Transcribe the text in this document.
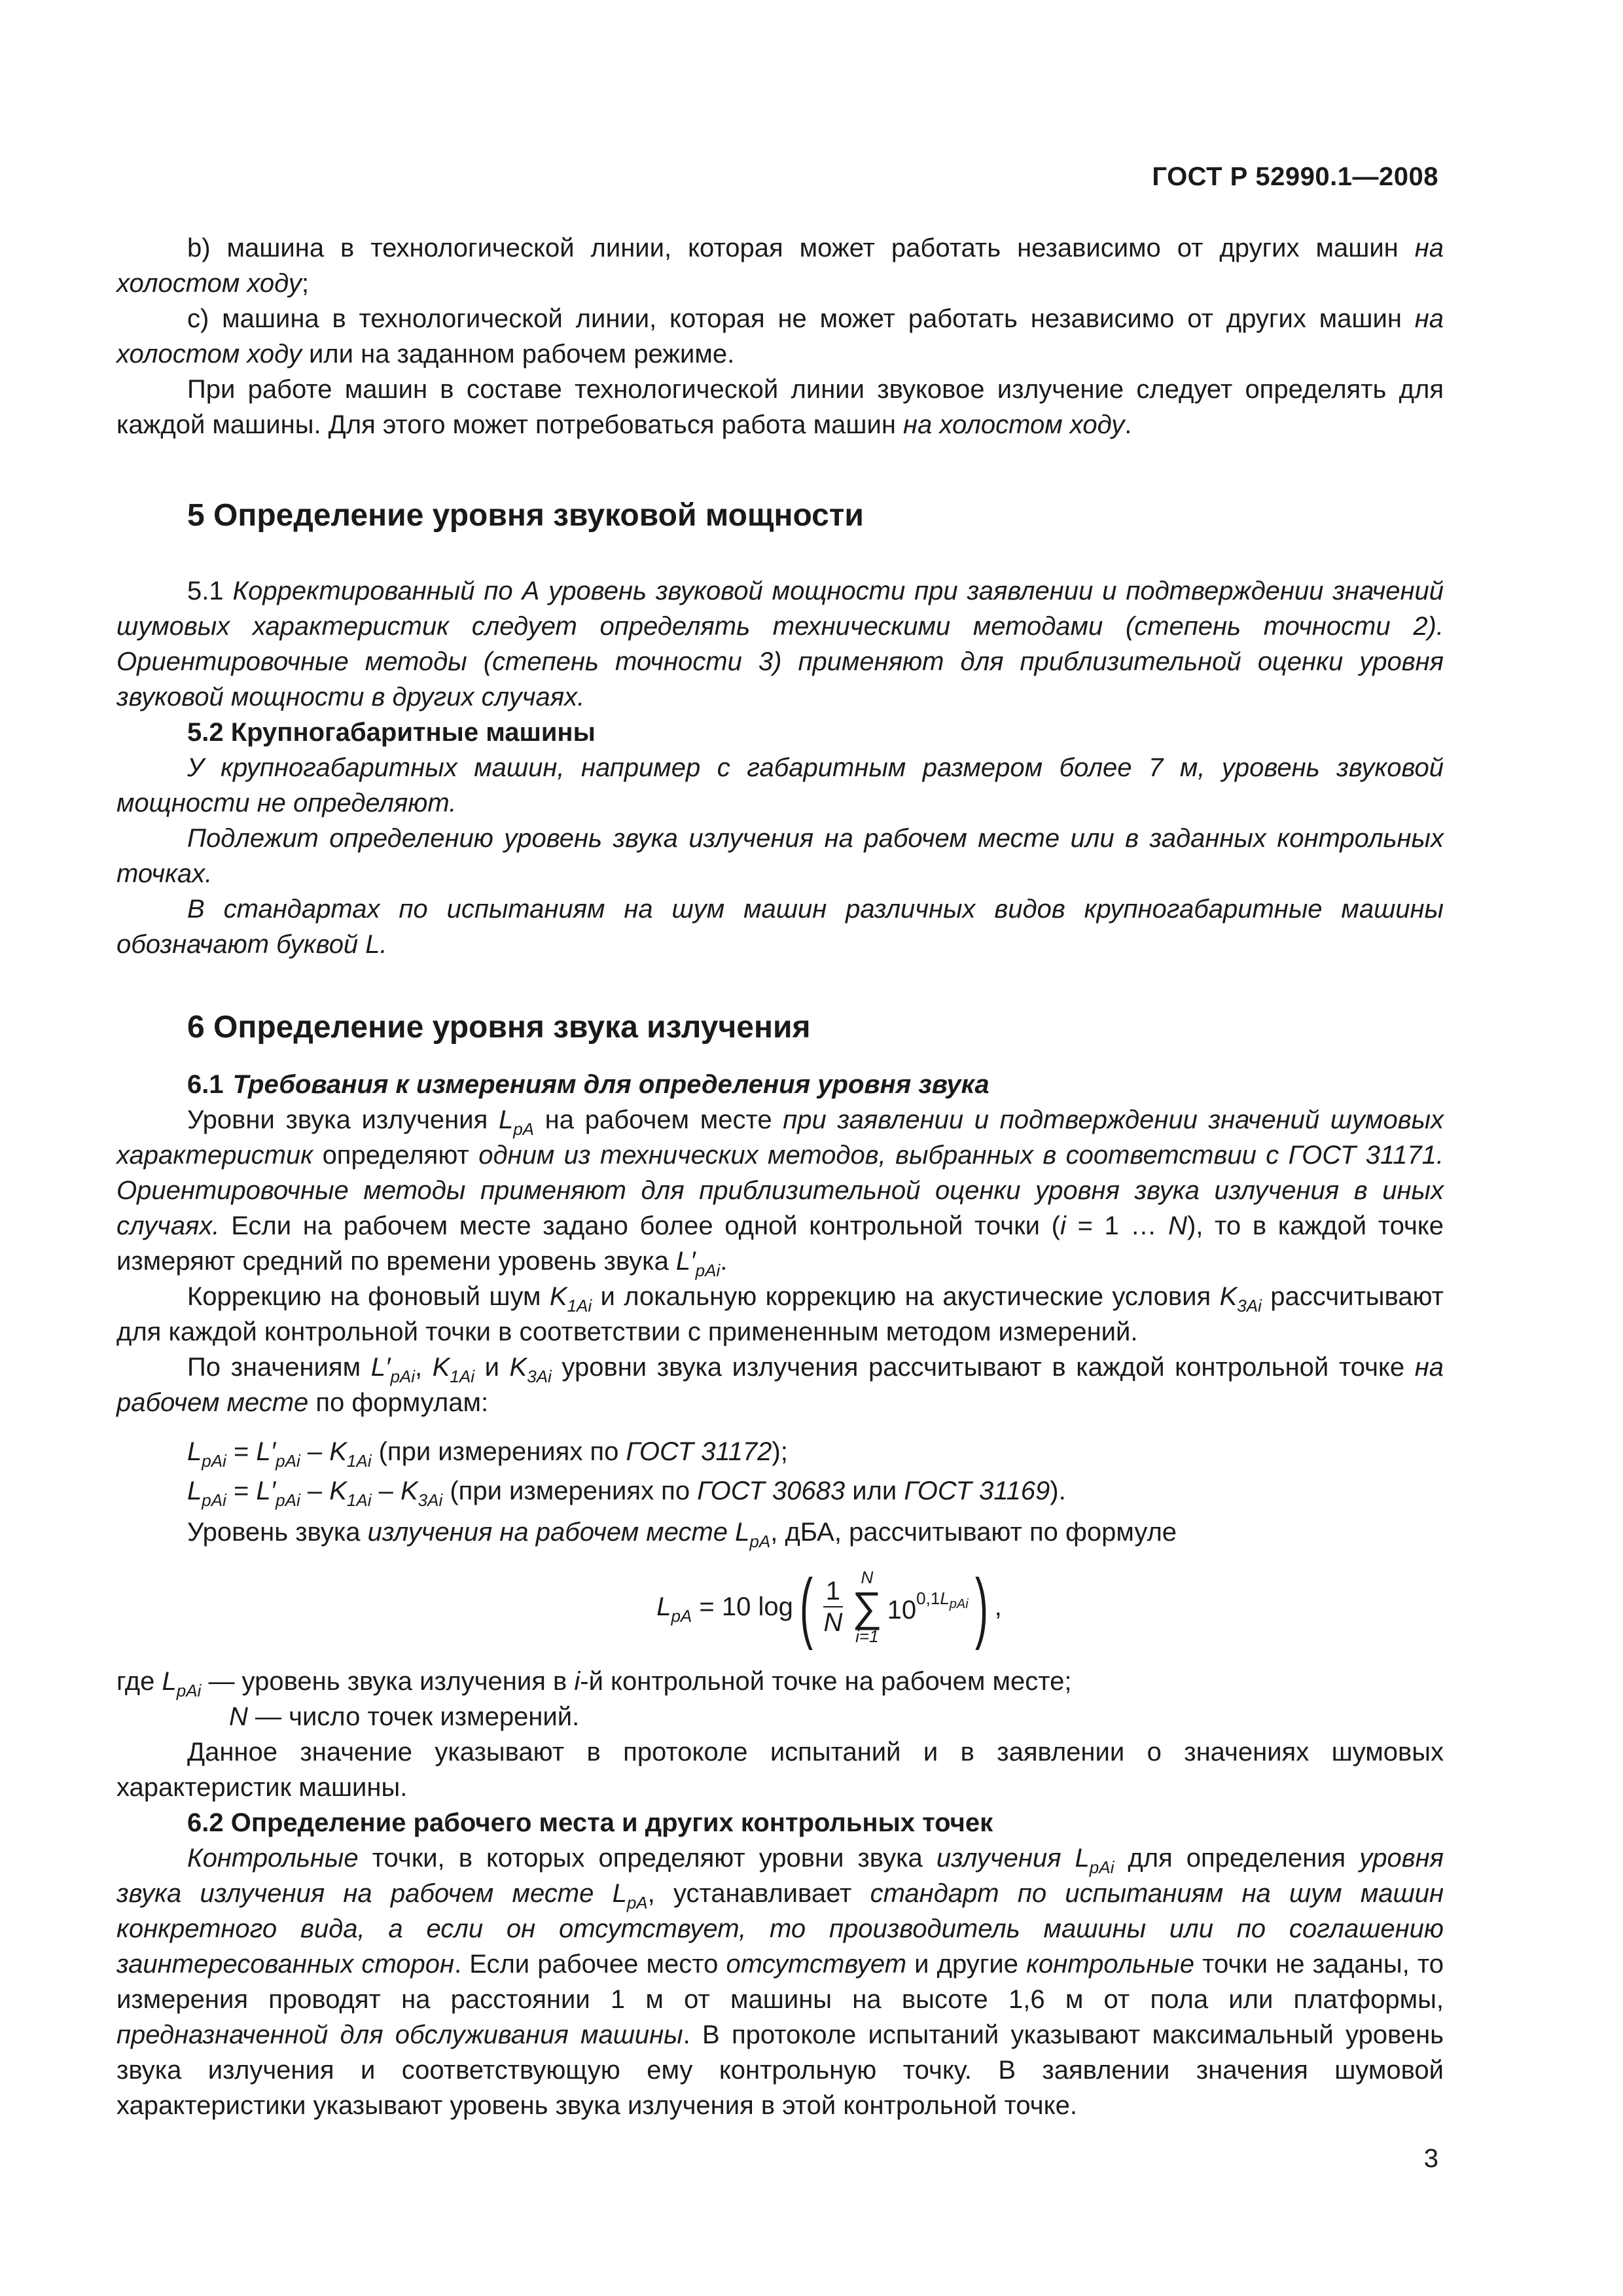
ГОСТ Р 52990.1—2008

b) машина в технологической линии, которая может работать независимо от других машин на холостом ходу;

c) машина в технологической линии, которая не может работать независимо от других машин на холостом ходу или на заданном рабочем режиме.

При работе машин в составе технологической линии звуковое излучение следует определять для каждой машины. Для этого может потребоваться работа машин на холостом ходу.

5 Определение уровня звуковой мощности

5.1 Корректированный по А уровень звуковой мощности при заявлении и подтверждении значений шумовых характеристик следует определять техническими методами (степень точности 2). Ориентировочные методы (степень точности 3) применяют для приблизительной оценки уровня звуковой мощности в других случаях.

5.2 Крупногабаритные машины

У крупногабаритных машин, например с габаритным размером более 7 м, уровень звуковой мощности не определяют.

Подлежит определению уровень звука излучения на рабочем месте или в заданных контрольных точках.

В стандартах по испытаниям на шум машин различных видов крупногабаритные машины обозначают буквой L.

6 Определение уровня звука излучения
6.1 Требования к измерениям для определения уровня звука

Уровни звука излучения $L_{pA}$ на рабочем месте при заявлении и подтверждении значений шумовых характеристик определяют одним из технических методов, выбранных в соответствии с ГОСТ 31171. Ориентировочные методы применяют для приблизительной оценки уровня звука излучения в иных случаях. Если на рабочем месте задано более одной контрольной точки (i = 1 … N), то в каждой точке измеряют средний по времени уровень звука $L'_{pAi}$.

Коррекцию на фоновый шум $K_{1Ai}$ и локальную коррекцию на акустические условия $K_{3Ai}$ рассчитывают для каждой контрольной точки в соответствии с примененным методом измерений.

По значениям $L'_{pAi}$, $K_{1Ai}$ и $K_{3Ai}$ уровни звука излучения рассчитывают в каждой контрольной точке на рабочем месте по формулам:

$L_{pAi} = L'_{pAi} - K_{1Ai}$ (при измерениях по ГОСТ 31172);
$L_{pAi} = L'_{pAi} - K_{1Ai} - K_{3Ai}$ (при измерениях по ГОСТ 30683 или ГОСТ 31169).

Уровень звука излучения на рабочем месте $L_{pA}$, дБА, рассчитывают по формуле

$L_{pA} = 10$ log ( $\frac{1}{N}$ N
∑
i=1
$10^{0,1L_{pAi}}$ ) ,

где $L_{pAi}$ — уровень звука излучения в i-й контрольной точке на рабочем месте;

N — число точек измерений.

Данное значение указывают в протоколе испытаний и в заявлении о значениях шумовых характеристик машины.

6.2 Определение рабочего места и других контрольных точек

Контрольные точки, в которых определяют уровни звука излучения $L_{pAi}$ для определения уровня звука излучения на рабочем месте $L_{pA}$, устанавливает стандарт по испытаниям на шум машин конкретного вида, а если он отсутствует, то производитель машины или по соглашению заинтересованных сторон. Если рабочее место отсутствует и другие контрольные точки не заданы, то измерения проводят на расстоянии 1 м от машины на высоте 1,6 м от пола или платформы, предназначенной для обслуживания машины. В протоколе испытаний указывают максимальный уровень звука излучения и соответствующую ему контрольную точку. В заявлении значения шумовой характеристики указывают уровень звука излучения в этой контрольной точке.

3
